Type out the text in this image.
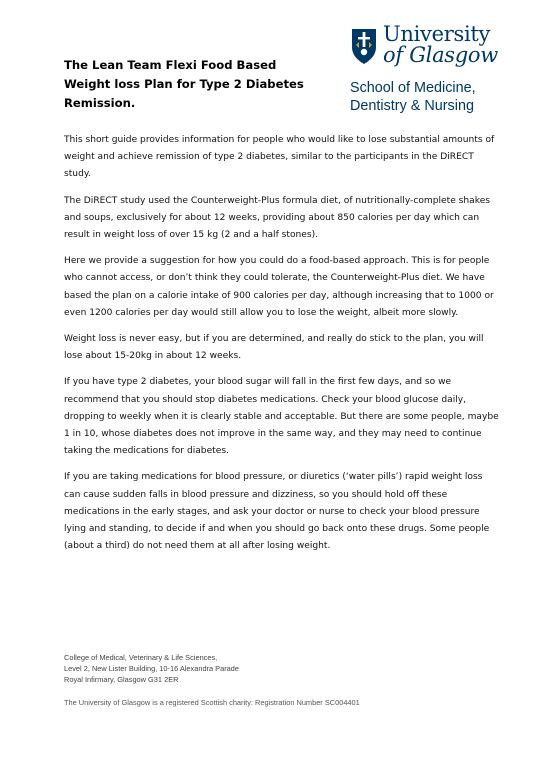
The Lean Team Flexi Food Based
Weight loss Plan for Type 2 Diabetes
Remission.
University
of Glasgow
School of Medicine,
Dentistry & Nursing

This short guide provides information for people who would like to lose substantial amounts of weight and achieve remission of type 2 diabetes, similar to the participants in the DiRECT study.

The DiRECT study used the Counterweight-Plus formula diet, of nutritionally-complete shakes and soups, exclusively for about 12 weeks, providing about 850 calories per day which can result in weight loss of over 15 kg (2 and a half stones).

Here we provide a suggestion for how you could do a food-based approach. This is for people who cannot access, or don’t think they could tolerate, the Counterweight-Plus diet. We have based the plan on a calorie intake of 900 calories per day, although increasing that to 1000 or even 1200 calories per day would still allow you to lose the weight, albeit more slowly.

Weight loss is never easy, but if you are determined, and really do stick to the plan, you will lose about 15-20kg in about 12 weeks.

If you have type 2 diabetes, your blood sugar will fall in the first few days, and so we recommend that you should stop diabetes medications. Check your blood glucose daily, dropping to weekly when it is clearly stable and acceptable. But there are some people, maybe 1 in 10, whose diabetes does not improve in the same way, and they may need to continue taking the medications for diabetes.

If you are taking medications for blood pressure, or diuretics (‘water pills’) rapid weight loss can cause sudden falls in blood pressure and dizziness, so you should hold off these medications in the early stages, and ask your doctor or nurse to check your blood pressure lying and standing, to decide if and when you should go back onto these drugs. Some people (about a third) do not need them at all after losing weight.

College of Medical, Veterinary & Life Sciences,
Level 2, New Lister Building, 10-16 Alexandra Parade
Royal Infirmary, Glasgow G31 2ER
The University of Glasgow is a registered Scottish charity: Registration Number SC004401
